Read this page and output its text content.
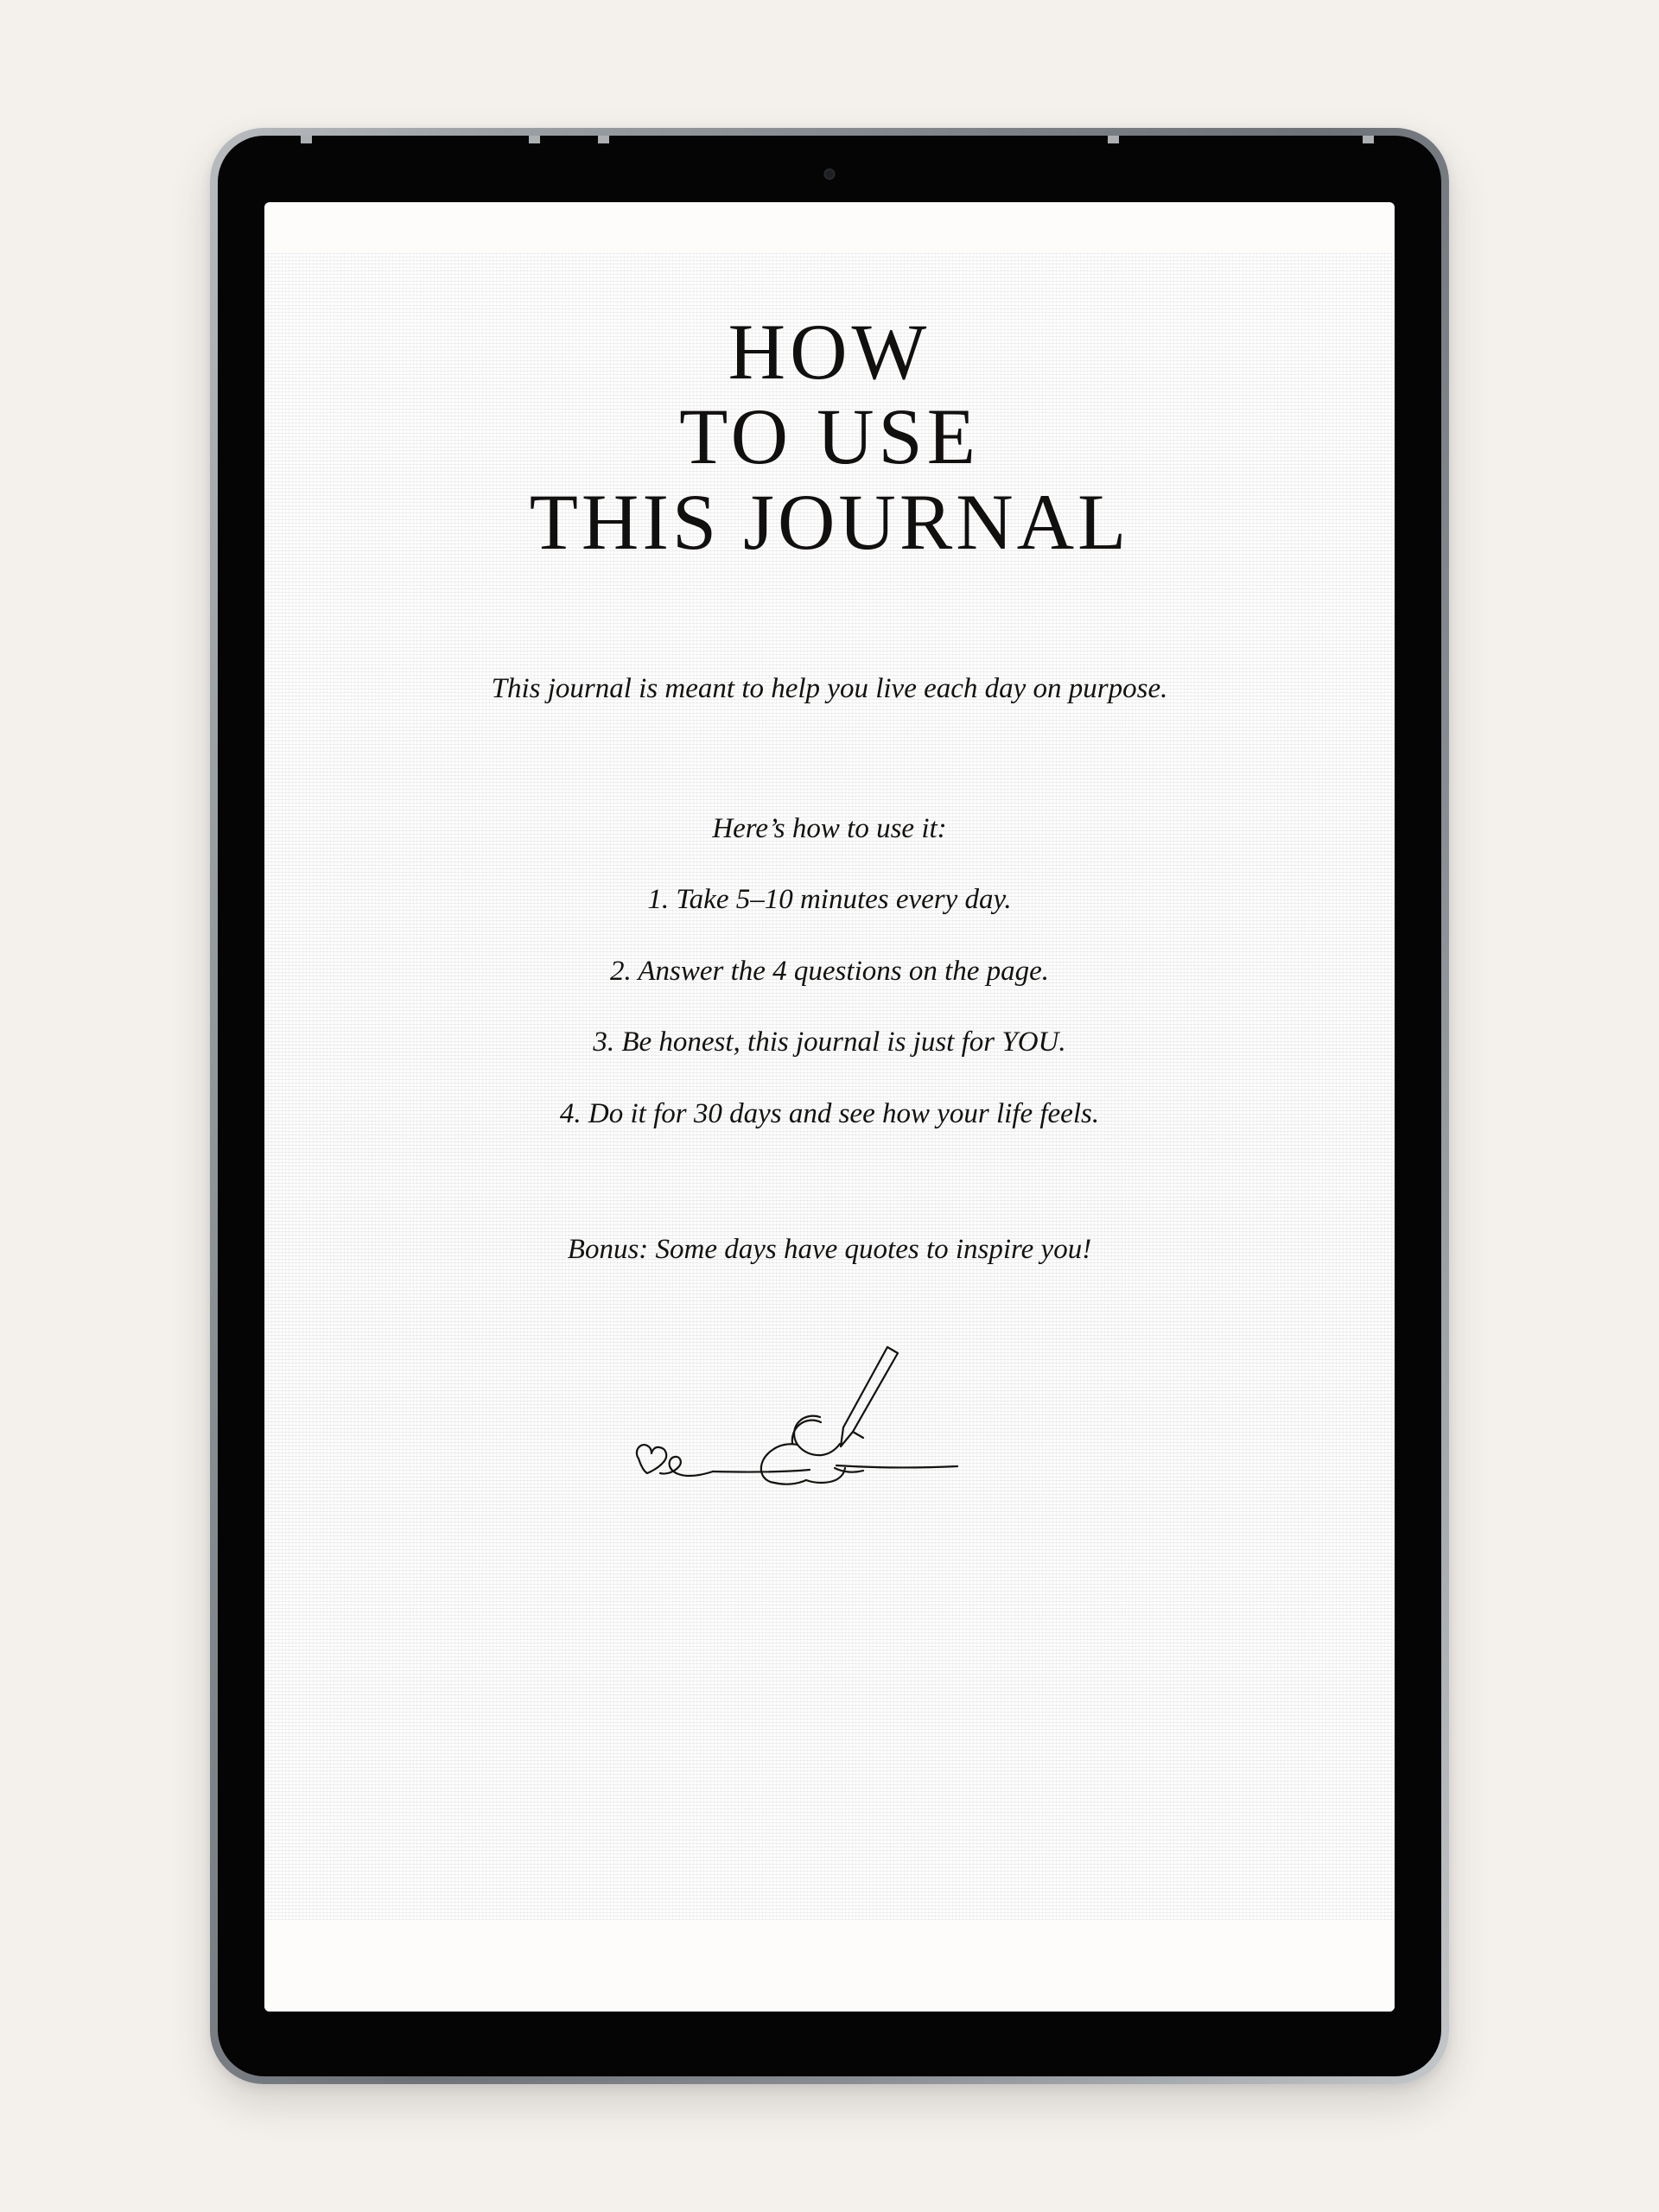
HOW
TO USE
THIS JOURNAL

This journal is meant to help you live each day on purpose.

Here’s how to use it:

1. Take 5–10 minutes every day.

2. Answer the 4 questions on the page.

3. Be honest, this journal is just for YOU.

4. Do it for 30 days and see how your life feels.

Bonus: Some days have quotes to inspire you!
